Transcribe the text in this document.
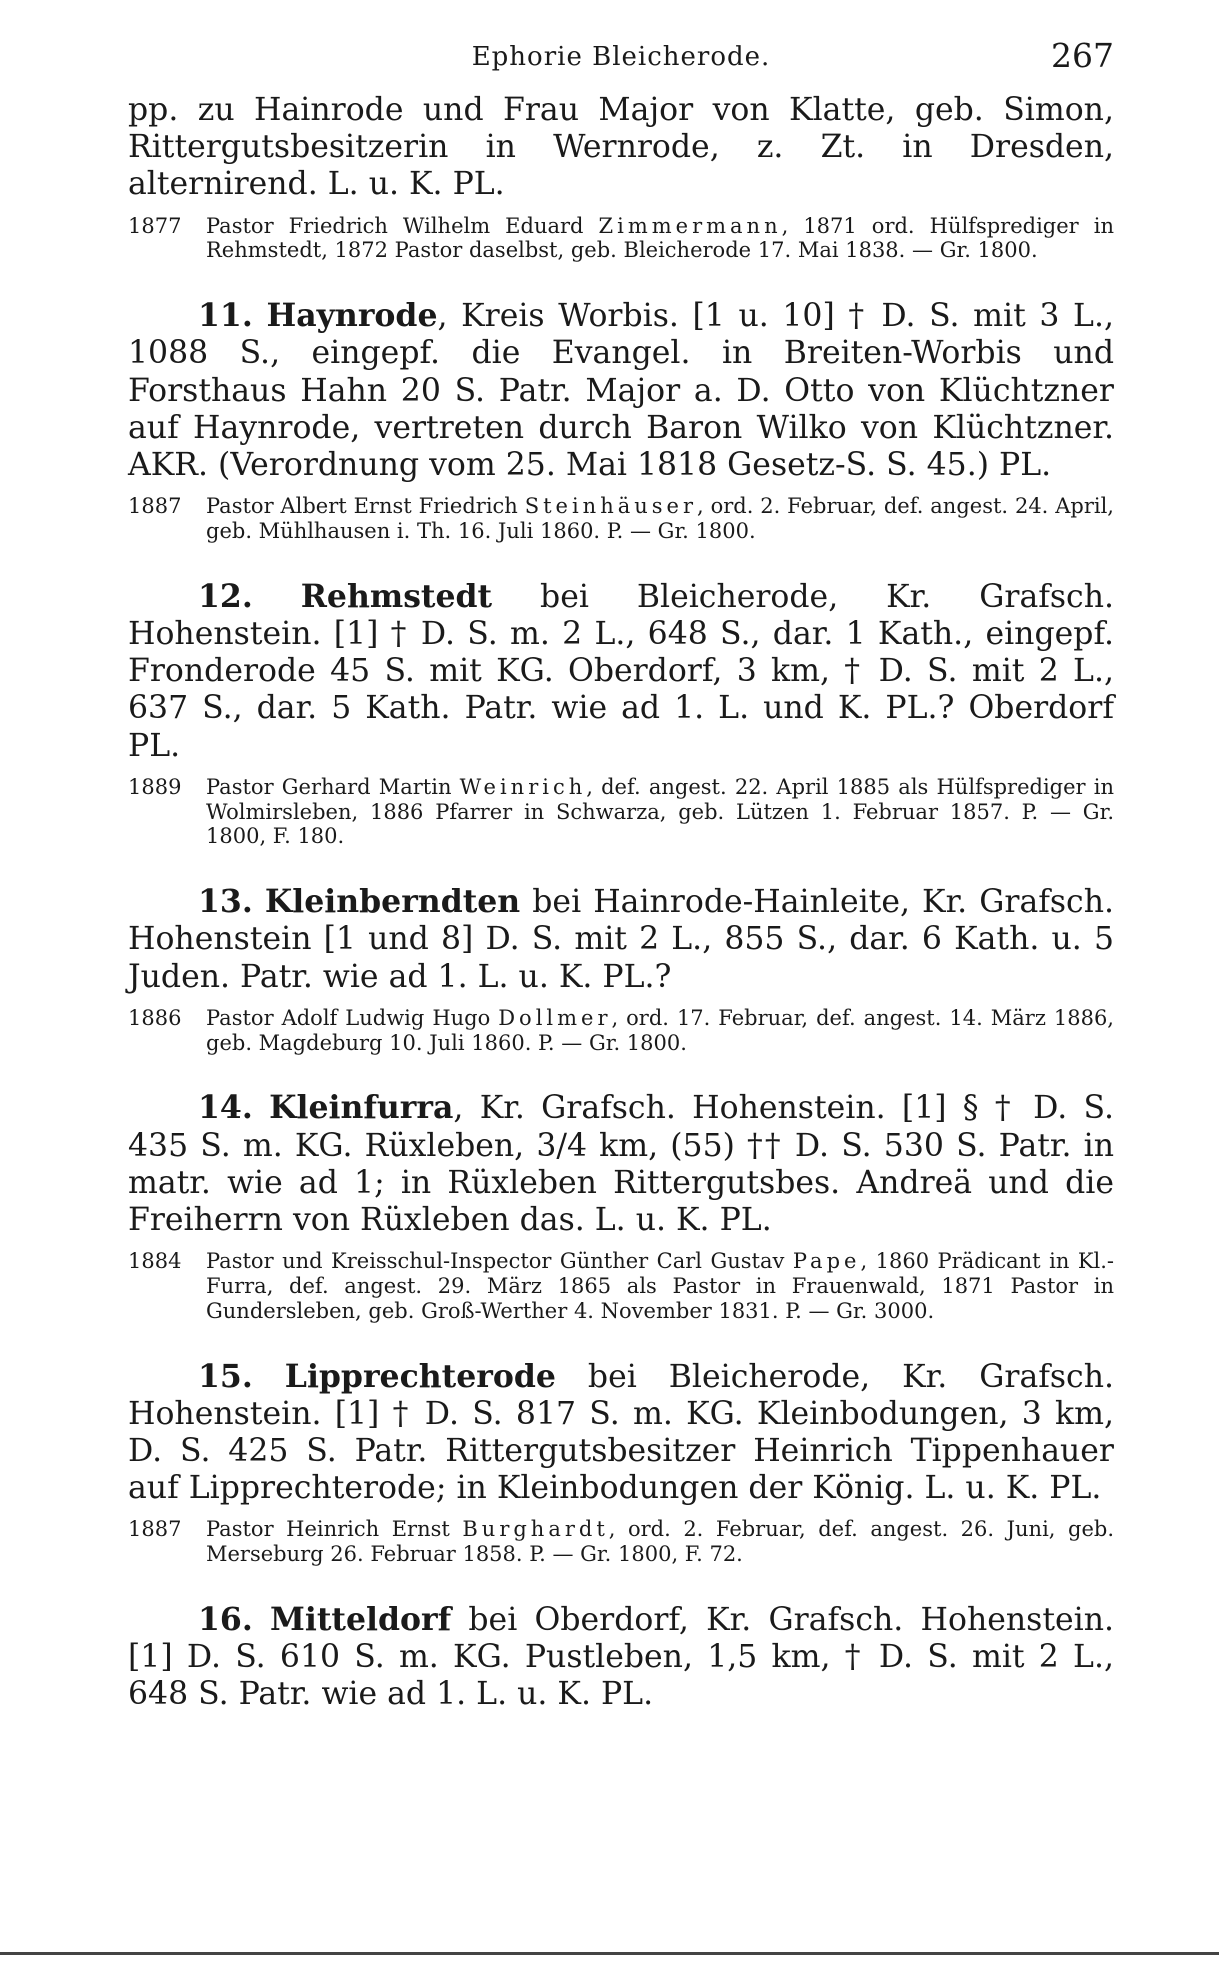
Ephorie Bleicherode.	267

pp. zu Hainrode und Frau Major von Klatte, geb. Simon, Rittergutsbesitzerin in Wernrode, z. Zt. in Dresden, alternirend. L. u. K. PL.

1877	Pastor Friedrich Wilhelm Eduard Zimmermann, 1871 ord. Hülfsprediger in Rehmstedt, 1872 Pastor daselbst, geb. Bleicherode 17. Mai 1838. — Gr. 1800.

11. Haynrode, Kreis Worbis. [1 u. 10] † D. S. mit 3 L., 1088 S., eingepf. die Evangel. in Breiten-Worbis und Forsthaus Hahn 20 S. Patr. Major a. D. Otto von Klüchtzner auf Haynrode, vertreten durch Baron Wilko von Klüchtzner. AKR. (Verordnung vom 25. Mai 1818 Gesetz-S. S. 45.) PL.

1887	Pastor Albert Ernst Friedrich Steinhäuser, ord. 2. Februar, def. angest. 24. April, geb. Mühlhausen i. Th. 16. Juli 1860. P. — Gr. 1800.

12. Rehmstedt bei Bleicherode, Kr. Grafsch. Hohenstein. [1] † D. S. m. 2 L., 648 S., dar. 1 Kath., eingepf. Fronderode 45 S. mit KG. Oberdorf, 3 km, † D. S. mit 2 L., 637 S., dar. 5 Kath. Patr. wie ad 1. L. und K. PL.? Oberdorf PL.

1889	Pastor Gerhard Martin Weinrich, def. angest. 22. April 1885 als Hülfsprediger in Wolmirsleben, 1886 Pfarrer in Schwarza, geb. Lützen 1. Februar 1857. P. — Gr. 1800, F. 180.

13. Kleinberndten bei Hainrode-Hainleite, Kr. Grafsch. Hohenstein [1 und 8] D. S. mit 2 L., 855 S., dar. 6 Kath. u. 5 Juden. Patr. wie ad 1. L. u. K. PL.?

1886	Pastor Adolf Ludwig Hugo Dollmer, ord. 17. Februar, def. angest. 14. März 1886, geb. Magdeburg 10. Juli 1860. P. — Gr. 1800.

14. Kleinfurra, Kr. Grafsch. Hohenstein. [1] § † D. S. 435 S. m. KG. Rüxleben, 3/4 km, (55) †† D. S. 530 S. Patr. in matr. wie ad 1; in Rüxleben Rittergutsbes. Andreä und die Freiherrn von Rüxleben das. L. u. K. PL.

1884	Pastor und Kreisschul-Inspector Günther Carl Gustav Pape, 1860 Prädicant in Kl.-Furra, def. angest. 29. März 1865 als Pastor in Frauenwald, 1871 Pastor in Gundersleben, geb. Groß-Werther 4. November 1831. P. — Gr. 3000.

15. Lipprechterode bei Bleicherode, Kr. Grafsch. Hohenstein. [1] † D. S. 817 S. m. KG. Kleinbodungen, 3 km, D. S. 425 S. Patr. Rittergutsbesitzer Heinrich Tippenhauer auf Lipprechterode; in Kleinbodungen der König. L. u. K. PL.

1887	Pastor Heinrich Ernst Burghardt, ord. 2. Februar, def. angest. 26. Juni, geb. Merseburg 26. Februar 1858. P. — Gr. 1800, F. 72.

16. Mitteldorf bei Oberdorf, Kr. Grafsch. Hohenstein. [1] D. S. 610 S. m. KG. Pustleben, 1,5 km, † D. S. mit 2 L., 648 S. Patr. wie ad 1. L. u. K. PL.
